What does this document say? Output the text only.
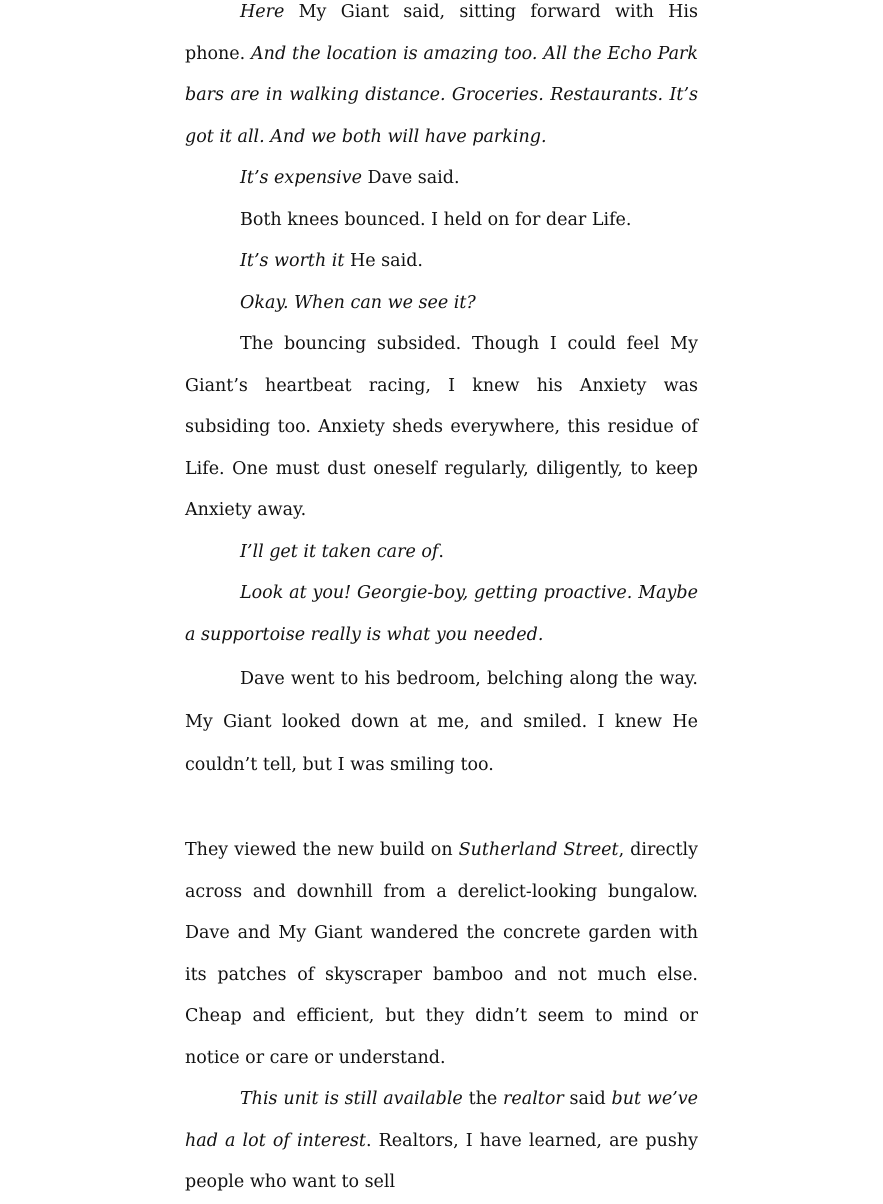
Here My Giant said, sitting forward with His phone. And the location is amazing too. All the Echo Park bars are in walking distance. Groceries. Restaurants. It’s got it all. And we both will have parking.

It’s expensive Dave said.

Both knees bounced. I held on for dear Life.

It’s worth it He said.

Okay. When can we see it?

The bouncing subsided. Though I could feel My Giant’s heartbeat racing, I knew his Anxiety was subsiding too. Anxiety sheds everywhere, this residue of Life. One must dust oneself regularly, diligently, to keep Anxiety away.

I’ll get it taken care of.

Look at you! Georgie-boy, getting proactive. Maybe a supportoise really is what you needed.

Dave went to his bedroom, belching along the way. My Giant looked down at me, and smiled. I knew He couldn’t tell, but I was smiling too.

They viewed the new build on Sutherland Street, directly across and downhill from a derelict-looking bungalow. Dave and My Giant wandered the concrete garden with its patches of skyscraper bamboo and not much else. Cheap and efficient, but they didn’t seem to mind or notice or care or understand.

This unit is still available the realtor said but we’ve had a lot of interest. Realtors, I have learned, are pushy people who want to sell
